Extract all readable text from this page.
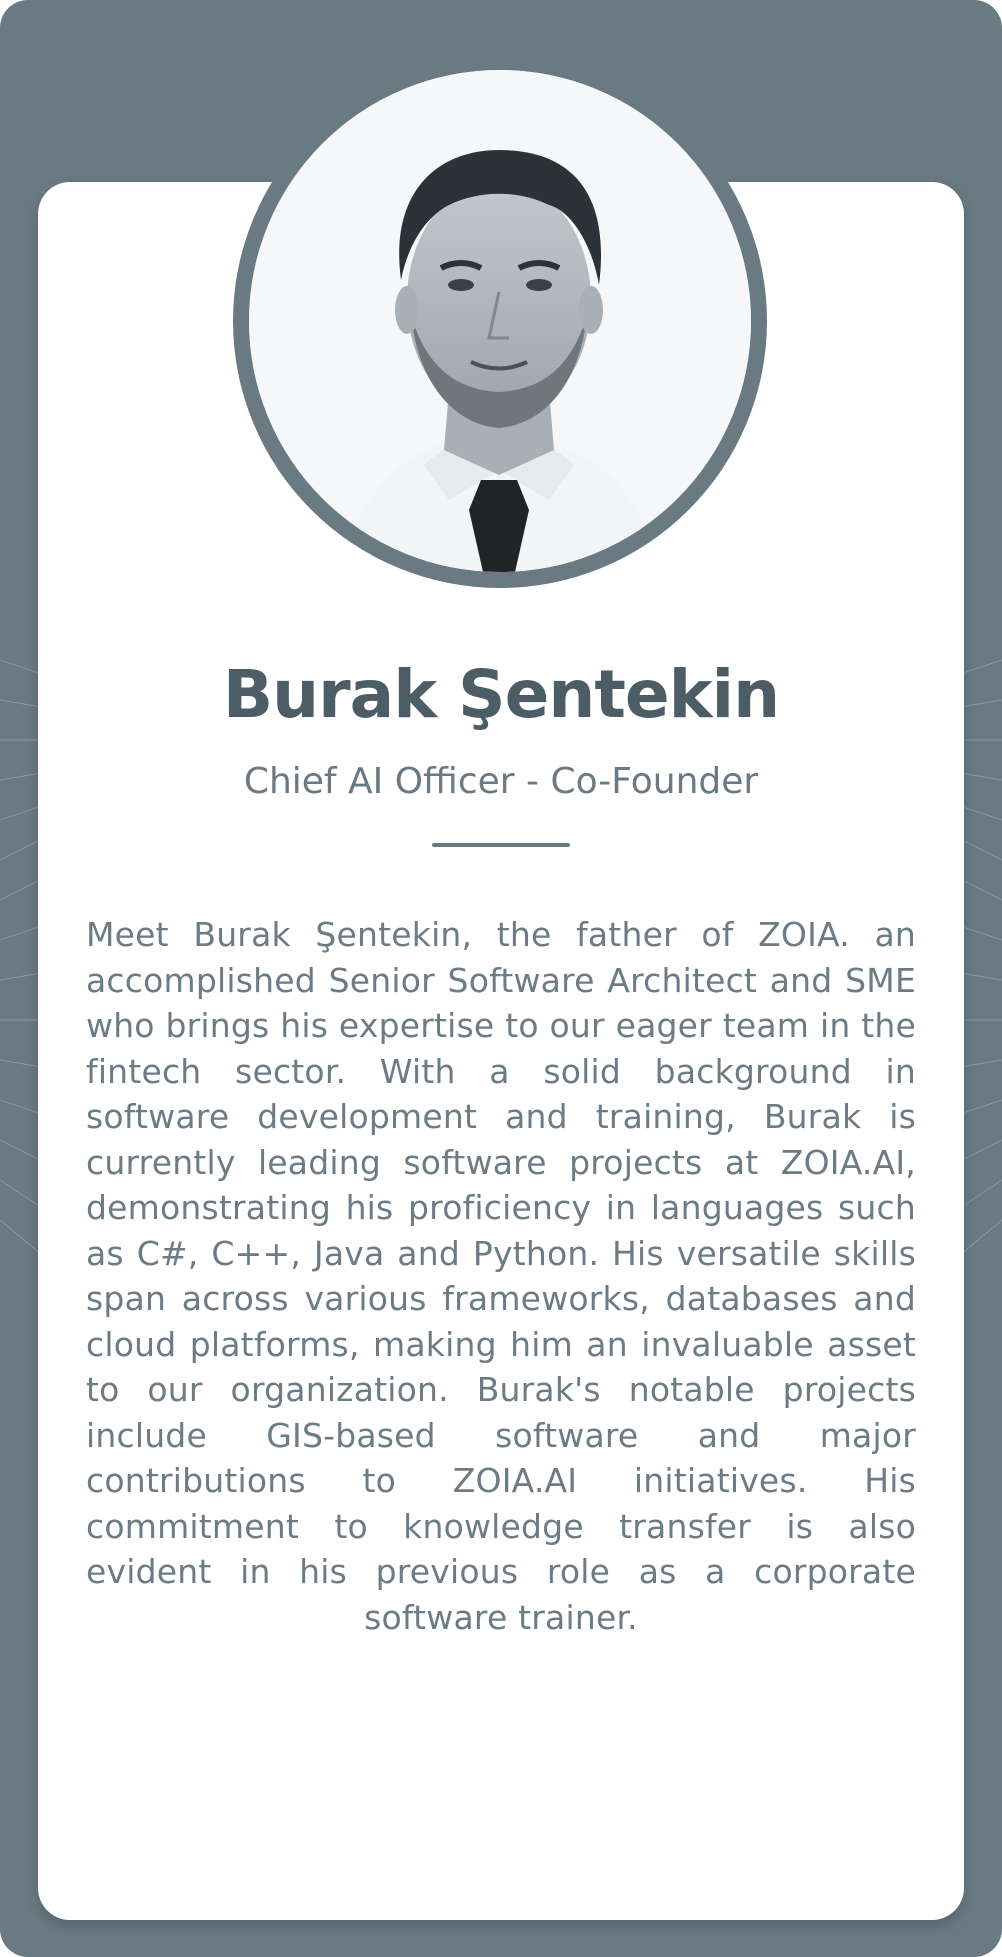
Burak Şentekin
Chief AI Officer - Co-Founder

Meet Burak Şentekin, the father of ZOIA. an accomplished Senior Software Architect and SME who brings his expertise to our eager team in the fintech sector. With a solid background in software development and training, Burak is currently leading software projects at ZOIA.AI, demonstrating his proficiency in languages such as C#, C++, Java and Python. His versatile skills span across various frameworks, databases and cloud platforms, making him an invaluable asset to our organization. Burak's notable projects include GIS-based software and major contributions to ZOIA.AI initiatives. His commitment to knowledge transfer is also evident in his previous role as a corporate software trainer.
